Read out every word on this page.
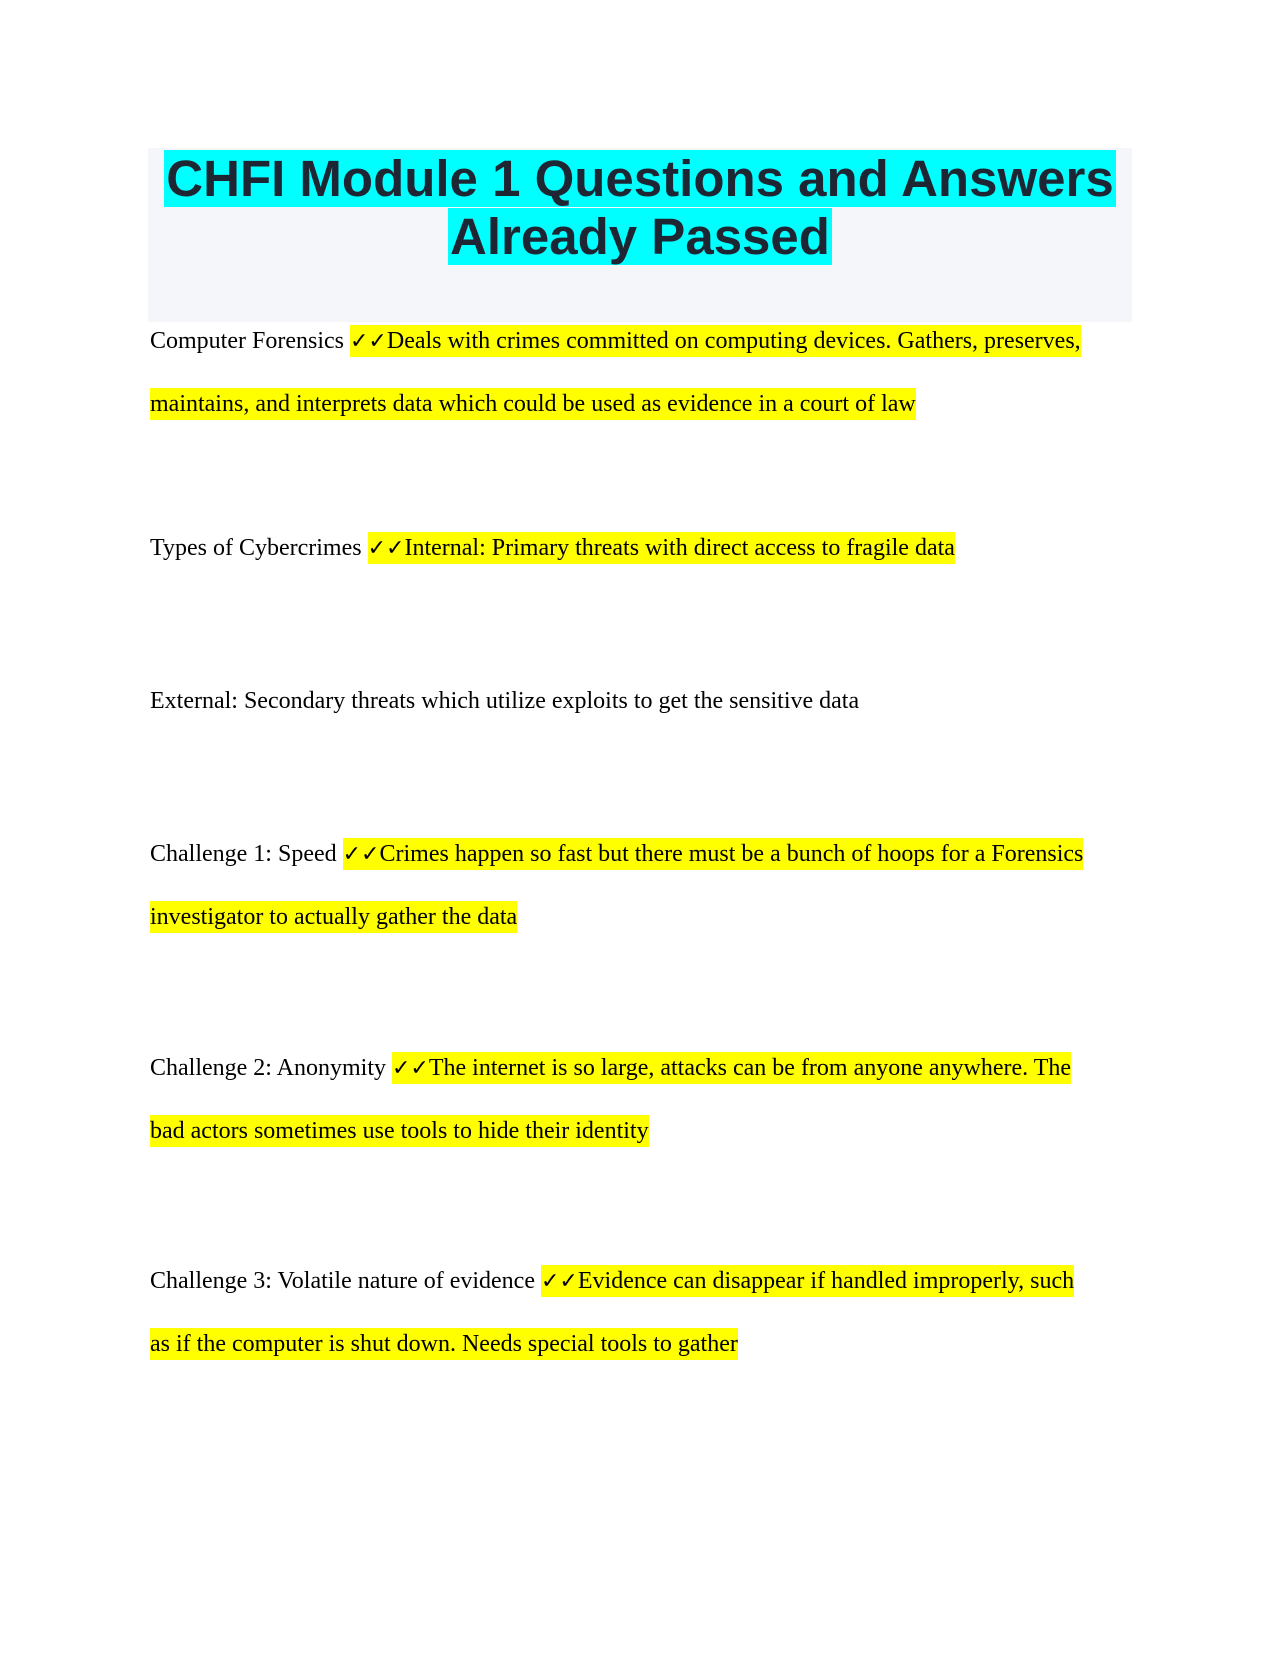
CHFI Module 1 Questions and Answers
Already Passed
Computer Forensics ✓✓Deals with crimes committed on computing devices. Gathers, preserves,
maintains, and interprets data which could be used as evidence in a court of law
Types of Cybercrimes ✓✓Internal: Primary threats with direct access to fragile data
External: Secondary threats which utilize exploits to get the sensitive data
Challenge 1: Speed ✓✓Crimes happen so fast but there must be a bunch of hoops for a Forensics
investigator to actually gather the data
Challenge 2: Anonymity ✓✓The internet is so large, attacks can be from anyone anywhere. The
bad actors sometimes use tools to hide their identity
Challenge 3: Volatile nature of evidence ✓✓Evidence can disappear if handled improperly, such
as if the computer is shut down. Needs special tools to gather
